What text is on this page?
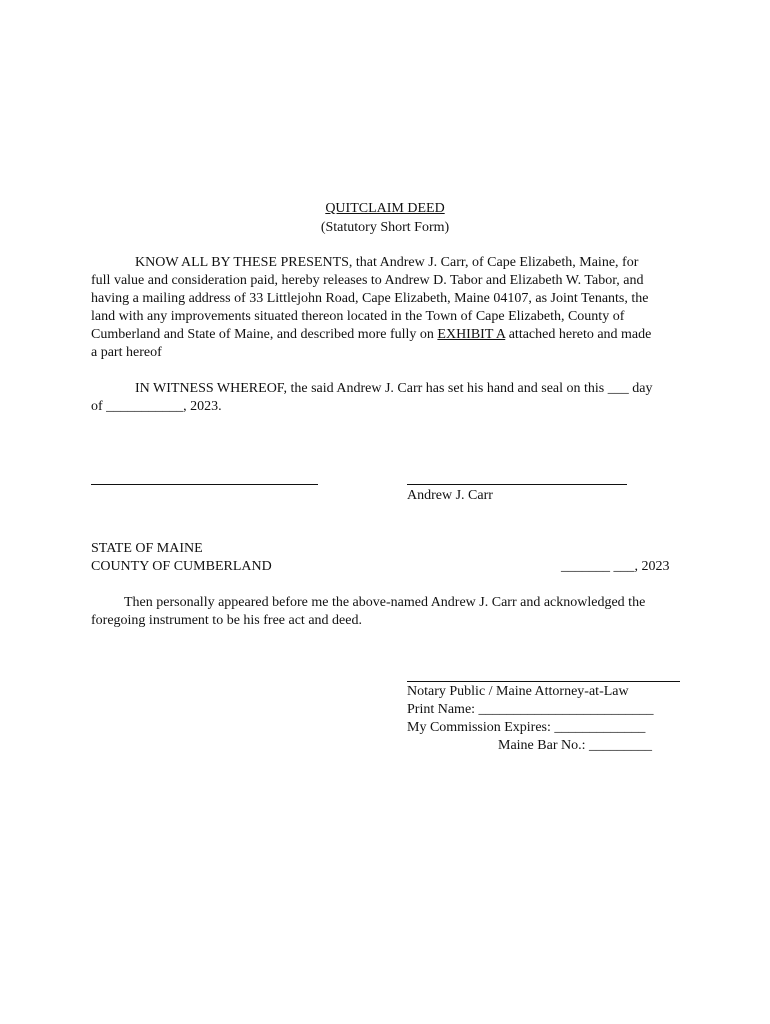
QUITCLAIM DEED
(Statutory Short Form)
KNOW ALL BY THESE PRESENTS, that Andrew J. Carr, of Cape Elizabeth, Maine, for
full value and consideration paid, hereby releases to Andrew D. Tabor and Elizabeth W. Tabor, and
having a mailing address of 33 Littlejohn Road, Cape Elizabeth, Maine 04107, as Joint Tenants, the
land with any improvements situated thereon located in the Town of Cape Elizabeth, County of
Cumberland and State of Maine, and described more fully on EXHIBIT A attached hereto and made
a part hereof
IN WITNESS WHEREOF, the said Andrew J. Carr has set his hand and seal on this ___ day
of ___________, 2023.
Andrew J. Carr
STATE OF MAINE
COUNTY OF CUMBERLAND	_______ ___, 2023
Then personally appeared before me the above-named Andrew J. Carr and acknowledged the
foregoing instrument to be his free act and deed.
Notary Public / Maine Attorney-at-Law
Print Name: _________________________
My Commission Expires: _____________
Maine Bar No.: _________
